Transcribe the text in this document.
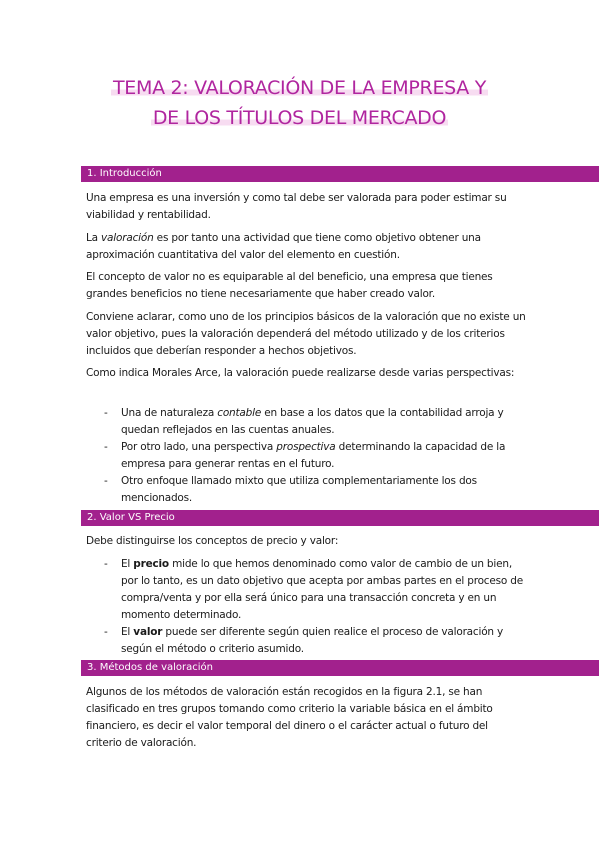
TEMA 2: VALORACIÓN DE LA EMPRESA Y
DE LOS TÍTULOS DEL MERCADO
1. Introducción

Una empresa es una inversión y como tal debe ser valorada para poder estimar su viabilidad y rentabilidad.

La valoración es por tanto una actividad que tiene como objetivo obtener una aproximación cuantitativa del valor del elemento en cuestión.

El concepto de valor no es equiparable al del beneficio, una empresa que tienes grandes beneficios no tiene necesariamente que haber creado valor.

Conviene aclarar, como uno de los principios básicos de la valoración que no existe un valor objetivo, pues la valoración dependerá del método utilizado y de los criterios incluidos que deberían responder a hechos objetivos.

Como indica Morales Arce, la valoración puede realizarse desde varias perspectivas:

- Una de naturaleza contable en base a los datos que la contabilidad arroja y quedan reflejados en las cuentas anuales.
- Por otro lado, una perspectiva prospectiva determinando la capacidad de la empresa para generar rentas en el futuro.
- Otro enfoque llamado mixto que utiliza complementariamente los dos mencionados.
2. Valor VS Precio

Debe distinguirse los conceptos de precio y valor:

- El precio mide lo que hemos denominado como valor de cambio de un bien, por lo tanto, es un dato objetivo que acepta por ambas partes en el proceso de compra/venta y por ella será único para una transacción concreta y en un momento determinado.
- El valor puede ser diferente según quien realice el proceso de valoración y según el método o criterio asumido.
3. Métodos de valoración

Algunos de los métodos de valoración están recogidos en la figura 2.1, se han clasificado en tres grupos tomando como criterio la variable básica en el ámbito financiero, es decir el valor temporal del dinero o el carácter actual o futuro del criterio de valoración.
